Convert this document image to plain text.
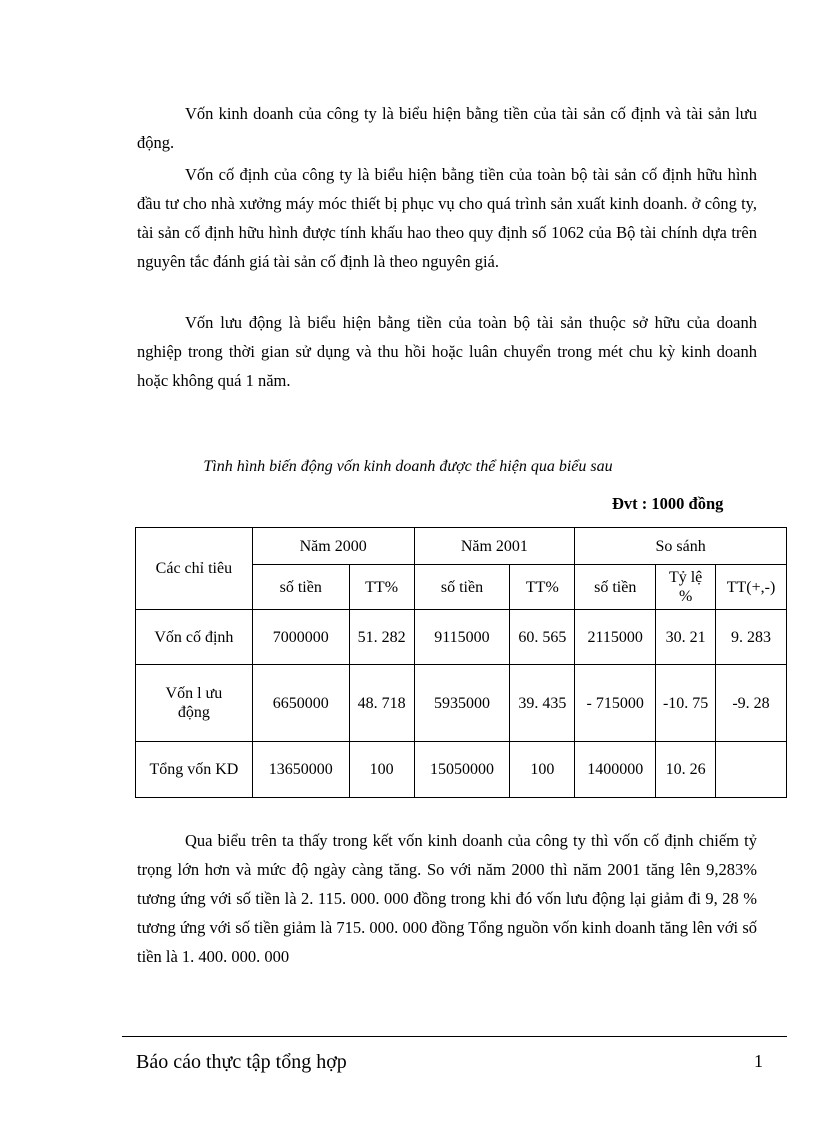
Vốn kinh doanh của công ty là biểu hiện bằng tiền của tài sản cố định và tài sản lưu động.

Vốn cố định của công ty là biểu hiện bằng tiền của toàn bộ tài sản cố định hữu hình đầu tư cho nhà xưởng máy móc thiết bị phục vụ cho quá trình sản xuất kinh doanh. ở công ty, tài sản cố định hữu hình được tính khấu hao theo quy định số 1062 của Bộ tài chính dựa trên nguyên tắc đánh giá tài sản cố định là theo nguyên giá.

Vốn lưu động là biểu hiện bằng tiền của toàn bộ tài sản thuộc sở hữu của doanh nghiệp trong thời gian sử dụng và thu hồi hoặc luân chuyển trong mét chu kỳ kinh doanh hoặc không quá 1 năm.

Tình hình biến động vốn kinh doanh được thể hiện qua biểu sau
Đvt : 1000 đồng
Các chỉ tiêu	Năm 2000		Năm 2001		So sánh		
	số tiền	TT%	số tiền	TT%	số tiền	Tỷ lệ %	TT(+,-)
Vốn cố định	7000000	51. 282	9115000	60. 565	2115000	30. 21	9. 283
Vốn l ưu động	6650000	48. 718	5935000	39. 435	- 715000	-10. 75	-9. 28
Tổng vốn KD	13650000	100	15050000	100	1400000	10. 26	

Qua biểu trên ta thấy trong kết vốn kinh doanh của công ty thì vốn cố định chiếm tỷ trọng lớn hơn và mức độ ngày càng tăng. So với năm 2000 thì năm 2001 tăng lên 9,283% tương ứng với số tiền là 2. 115. 000. 000 đồng trong khi đó vốn lưu động lại giảm đi 9, 28 % tương ứng với số tiền giảm là 715. 000. 000 đồng Tổng nguồn vốn kinh doanh tăng lên với số tiền là 1. 400. 000. 000

Báo cáo thực tập tổng hợp	1
